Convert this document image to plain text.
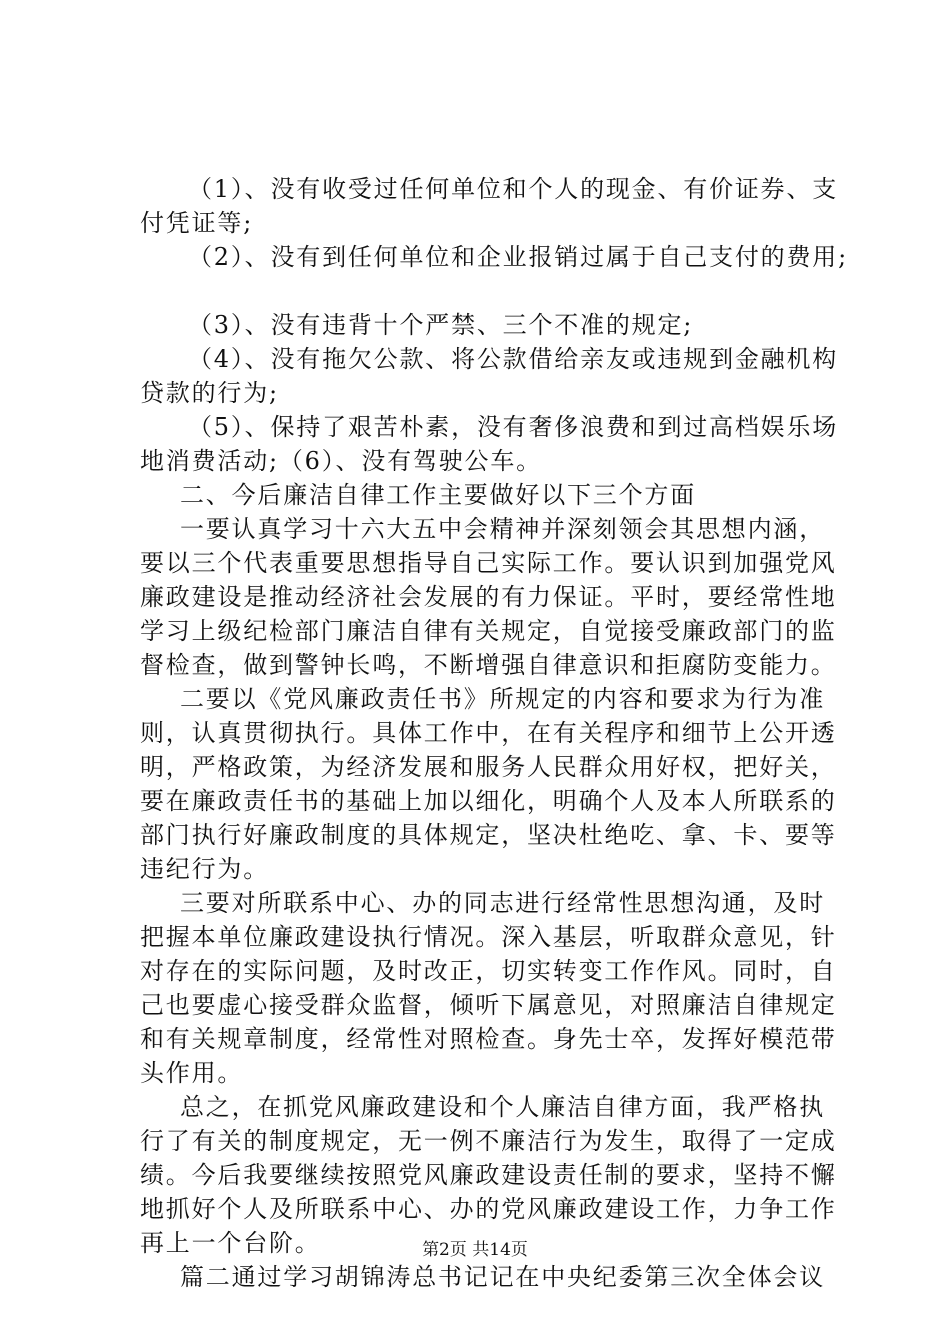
（1）、没有收受过任何单位和个人的现金、有价证券、支
付凭证等;
（2）、没有到任何单位和企业报销过属于自己支付的费用;
（3）、没有违背十个严禁、三个不准的规定;
（4）、没有拖欠公款、将公款借给亲友或违规到金融机构
贷款的行为;
（5）、保持了艰苦朴素，没有奢侈浪费和到过高档娱乐场
地消费活动;（6）、没有驾驶公车。
二、今后廉洁自律工作主要做好以下三个方面
一要认真学习十六大五中会精神并深刻领会其思想内涵，
要以三个代表重要思想指导自己实际工作。要认识到加强党风
廉政建设是推动经济社会发展的有力保证。平时，要经常性地
学习上级纪检部门廉洁自律有关规定，自觉接受廉政部门的监
督检查，做到警钟长鸣，不断增强自律意识和拒腐防变能力。
二要以《党风廉政责任书》所规定的内容和要求为行为准
则，认真贯彻执行。具体工作中，在有关程序和细节上公开透
明，严格政策，为经济发展和服务人民群众用好权，把好关，
要在廉政责任书的基础上加以细化，明确个人及本人所联系的
部门执行好廉政制度的具体规定，坚决杜绝吃、拿、卡、要等
违纪行为。
三要对所联系中心、办的同志进行经常性思想沟通，及时
把握本单位廉政建设执行情况。深入基层，听取群众意见，针
对存在的实际问题，及时改正，切实转变工作作风。同时，自
己也要虚心接受群众监督，倾听下属意见，对照廉洁自律规定
和有关规章制度，经常性对照检查。身先士卒，发挥好模范带
头作用。
总之，在抓党风廉政建设和个人廉洁自律方面，我严格执
行了有关的制度规定，无一例不廉洁行为发生，取得了一定成
绩。今后我要继续按照党风廉政建设责任制的要求，坚持不懈
地抓好个人及所联系中心、办的党风廉政建设工作，力争工作
再上一个台阶。
篇二通过学习胡锦涛总书记记在中央纪委第三次全体会议
第2页 共14页
